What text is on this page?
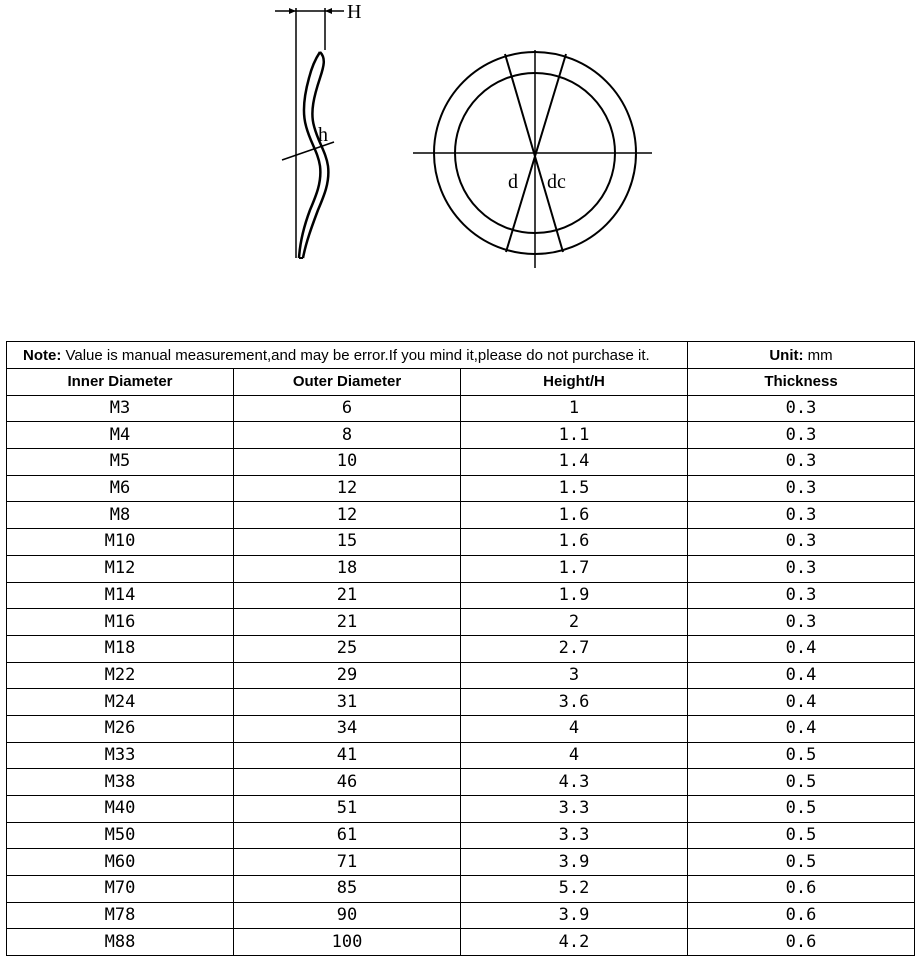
H
h
d dc
Note: Value is manual measurement,and may be error.If you mind it,please do not purchase it.			Unit: mm
Inner Diameter	Outer Diameter	Height/H	Thickness
M3	6	1	0.3
M4	8	1.1	0.3
M5	10	1.4	0.3
M6	12	1.5	0.3
M8	12	1.6	0.3
M10	15	1.6	0.3
M12	18	1.7	0.3
M14	21	1.9	0.3
M16	21	2	0.3
M18	25	2.7	0.4
M22	29	3	0.4
M24	31	3.6	0.4
M26	34	4	0.4
M33	41	4	0.5
M38	46	4.3	0.5
M40	51	3.3	0.5
M50	61	3.3	0.5
M60	71	3.9	0.5
M70	85	5.2	0.6
M78	90	3.9	0.6
M88	100	4.2	0.6
